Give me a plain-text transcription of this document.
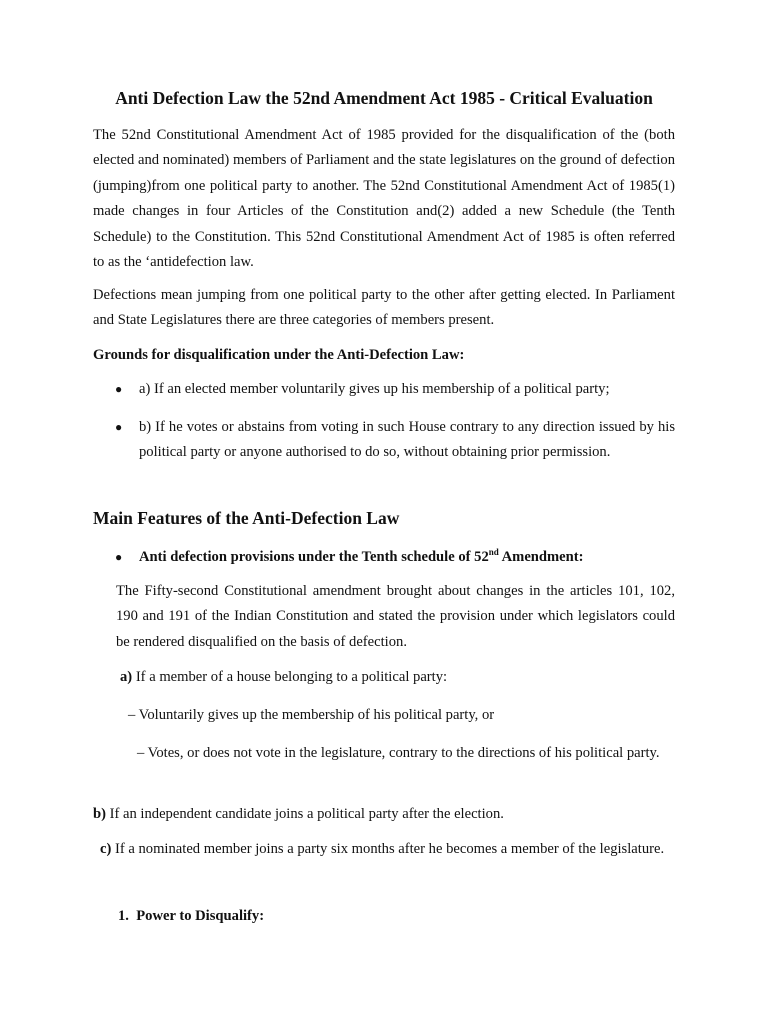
Anti Defection Law the 52nd Amendment Act 1985 - Critical Evaluation

The 52nd Constitutional Amendment Act of 1985 provided for the disqualification of the (both elected and nominated) members of Parliament and the state legislatures on the ground of defection (jumping)from one political party to another. The 52nd Constitutional Amendment Act of 1985(1) made changes in four Articles of the Constitution and(2) added a new Schedule (the Tenth Schedule) to the Constitution. This 52nd Constitutional Amendment Act of 1985 is often referred to as the ‘antidefection law.

Defections mean jumping from one political party to the other after getting elected. In Parliament and State Legislatures there are three categories of members present.

Grounds for disqualification under the Anti-Defection Law:

●	a) If an elected member voluntarily gives up his membership of a political party;
●	b) If he votes or abstains from voting in such House contrary to any direction issued by his political party or anyone authorised to do so, without obtaining prior permission.
Main Features of the Anti-Defection Law
●	Anti defection provisions under the Tenth schedule of 52nd Amendment:

The Fifty-second Constitutional amendment brought about changes in the articles 101, 102, 190 and 191 of the Indian Constitution and stated the provision under which legislators could be rendered disqualified on the basis of defection.

a) If a member of a house belonging to a political party:

– Voluntarily gives up the membership of his political party, or

– Votes, or does not vote in the legislature, contrary to the directions of his political party.

b) If an independent candidate joins a political party after the election.

c) If a nominated member joins a party six months after he becomes a member of the legislature.

1. Power to Disqualify:
